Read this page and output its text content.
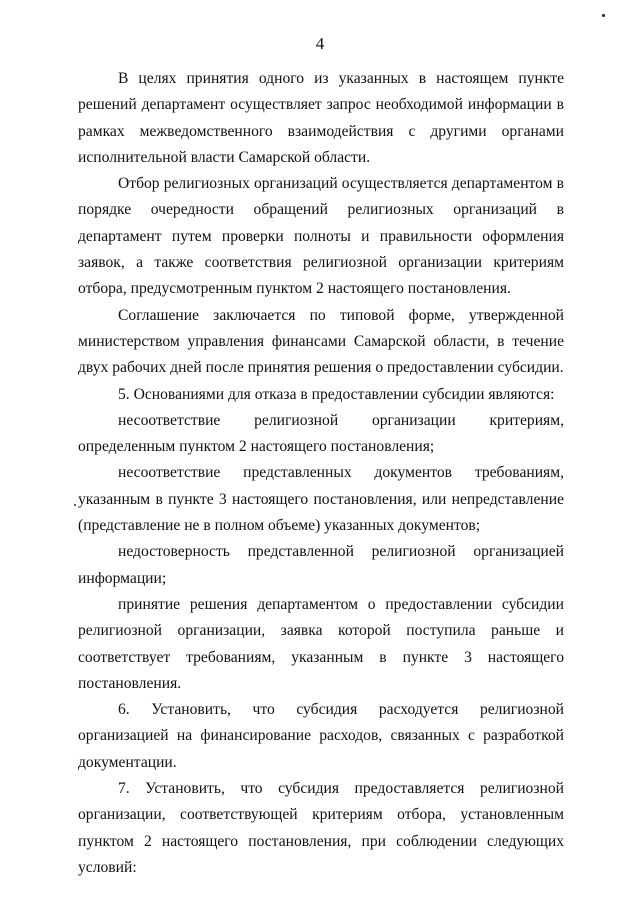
4

В целях принятия одного из указанных в настоящем пункте решений департамент осуществляет запрос необходимой информации в рамках межведомственного взаимодействия с другими органами исполнительной власти Самарской области.

Отбор религиозных организаций осуществляется департаментом в порядке очередности обращений религиозных организаций в департамент путем проверки полноты и правильности оформления заявок, а также соответствия религиозной организации критериям отбора, предусмотренным пунктом 2 настоящего постановления.

Соглашение заключается по типовой форме, утвержденной министерством управления финансами Самарской области, в течение двух рабочих дней после принятия решения о предоставлении субсидии.

5. Основаниями для отказа в предоставлении субсидии являются:

несоответствие религиозной организации критериям, определенным пунктом 2 настоящего постановления;

несоответствие представленных документов требованиям, указанным в пункте 3 настоящего постановления, или непредставление (представление не в полном объеме) указанных документов;

недостоверность представленной религиозной организацией информации;

принятие решения департаментом о предоставлении субсидии религиозной организации, заявка которой поступила раньше и соответствует требованиям, указанным в пункте 3 настоящего постановления.

6. Установить, что субсидия расходуется религиозной организацией на финансирование расходов, связанных с разработкой документации.

7. Установить, что субсидия предоставляется религиозной организации, соответствующей критериям отбора, установленным пунктом 2 настоящего постановления, при соблюдении следующих условий:
